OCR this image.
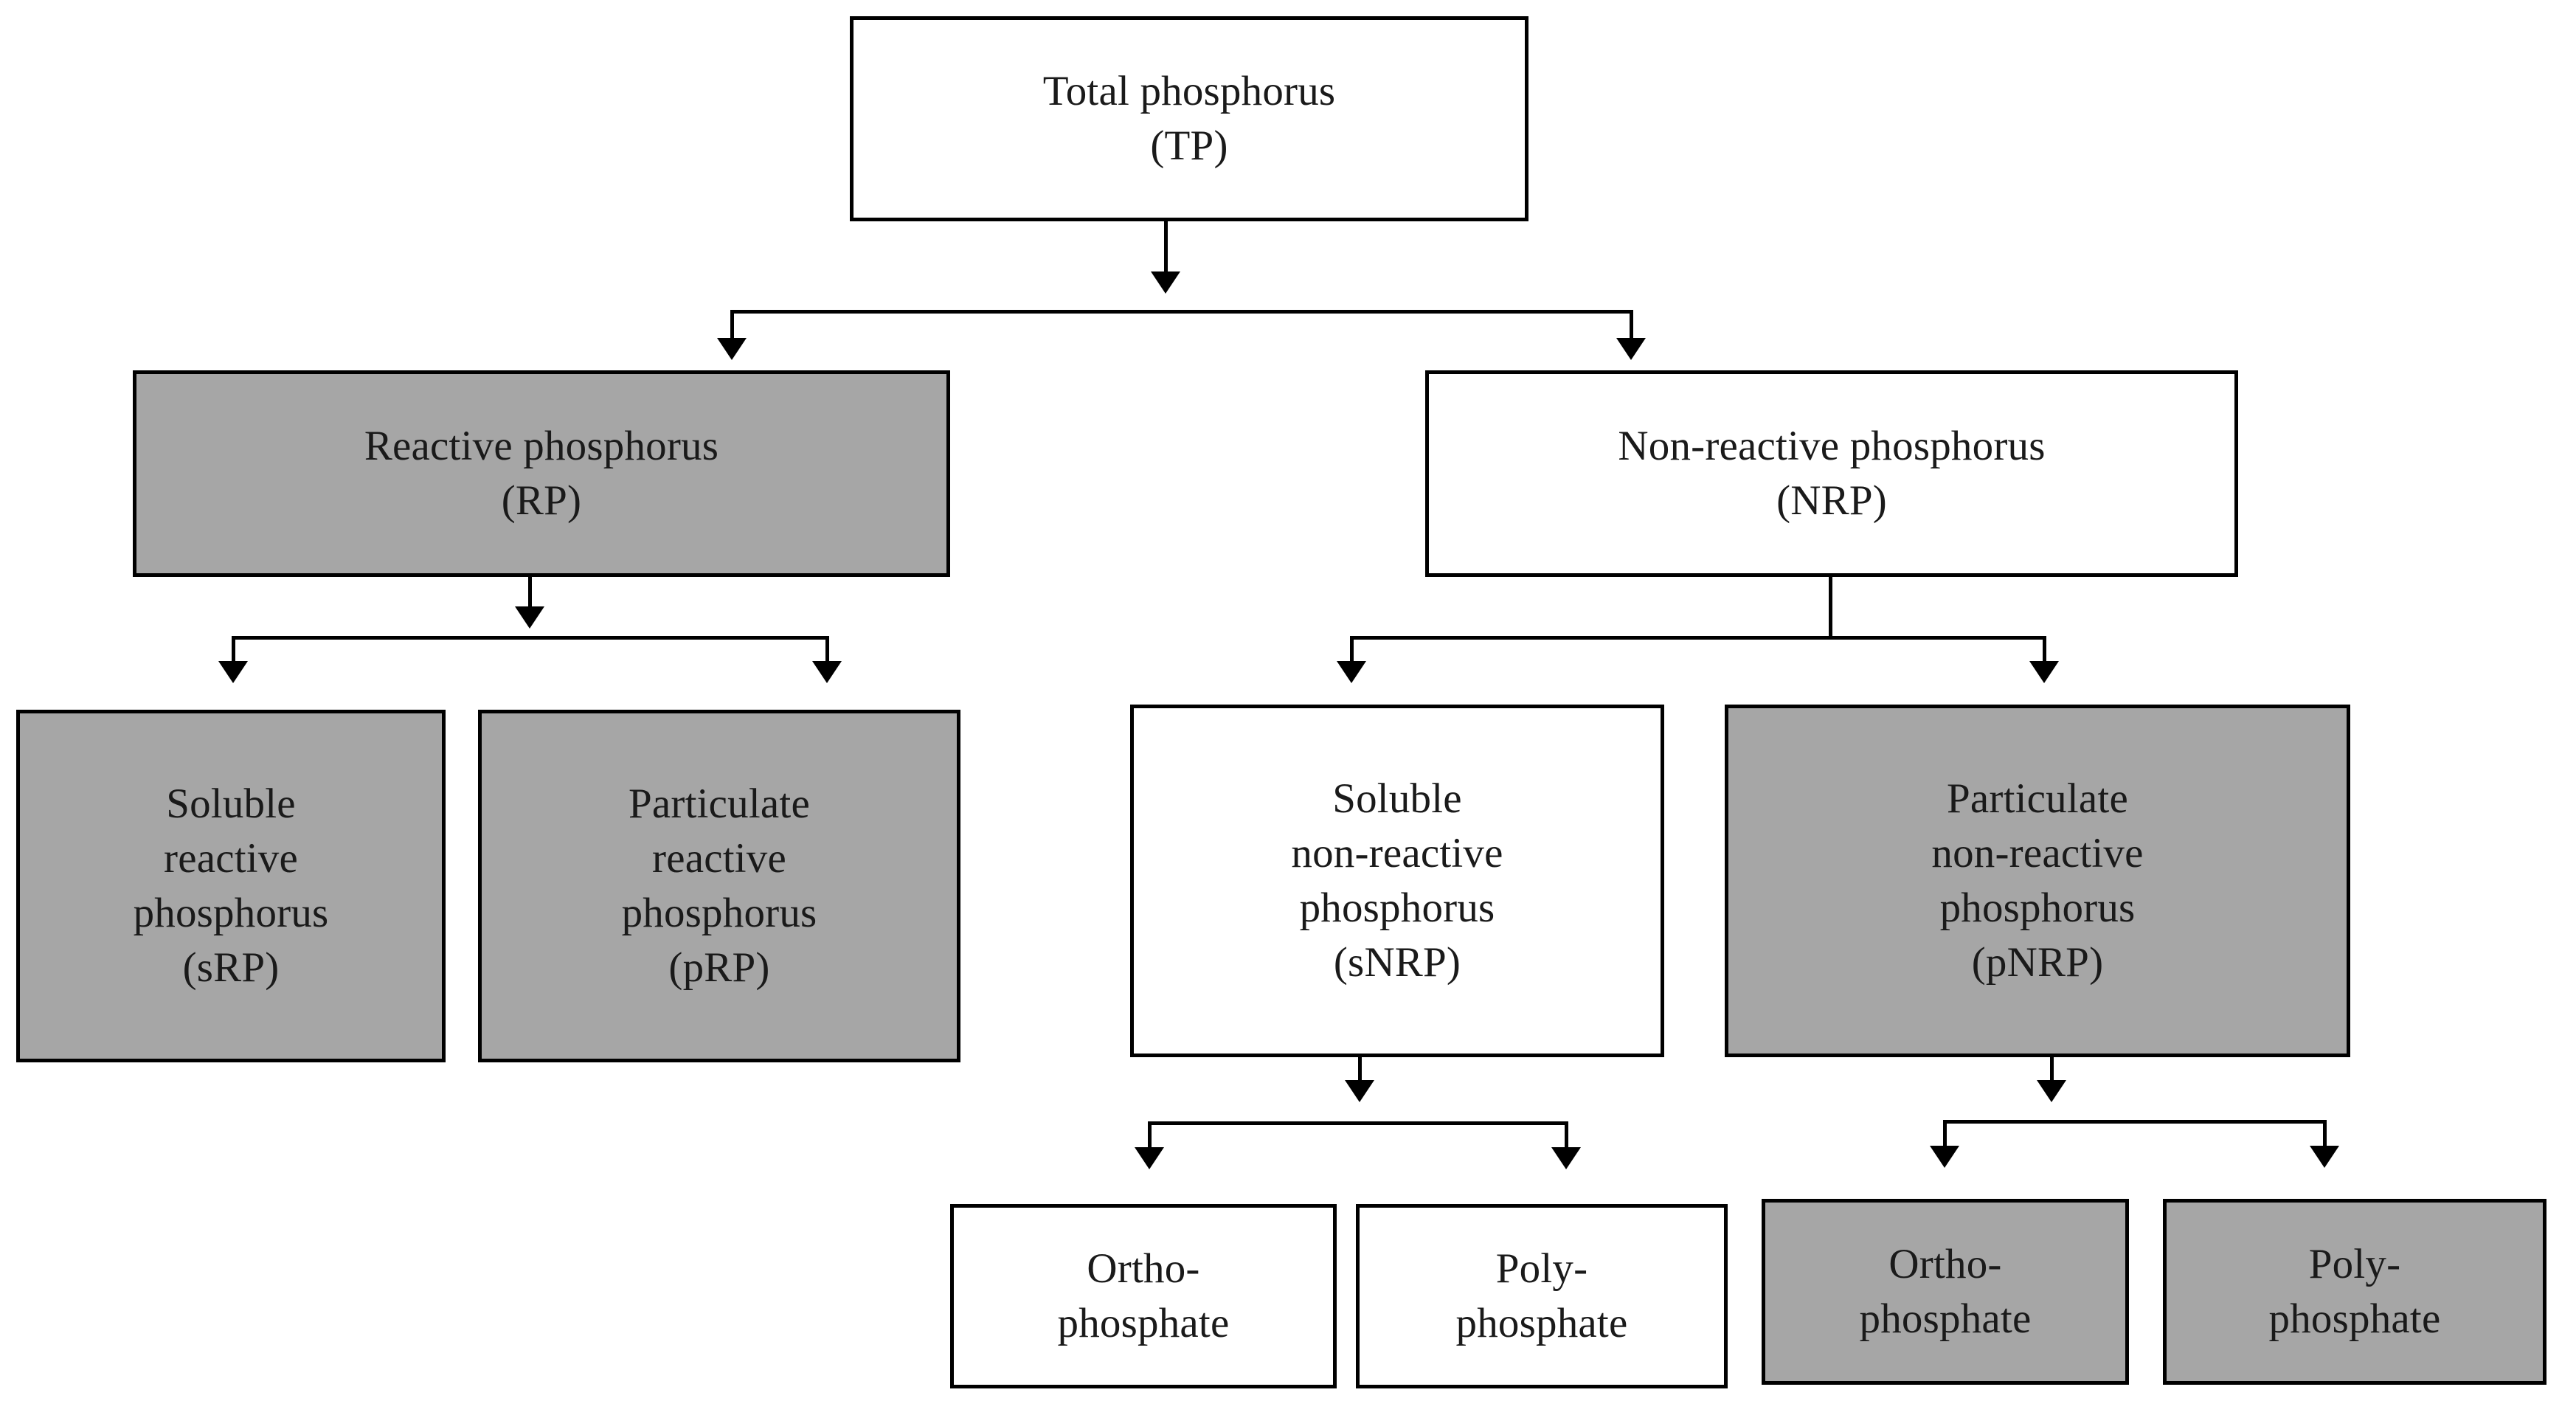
Total phosphorus
(TP)
Reactive phosphorus
(RP)
Non-reactive phosphorus
(NRP)
Soluble
reactive
phosphorus
(sRP)
Particulate
reactive
phosphorus
(pRP)
Soluble
non-reactive
phosphorus
(sNRP)
Particulate
non-reactive
phosphorus
(pNRP)
Ortho-
phosphate
Poly-
phosphate
Ortho-
phosphate
Poly-
phosphate
